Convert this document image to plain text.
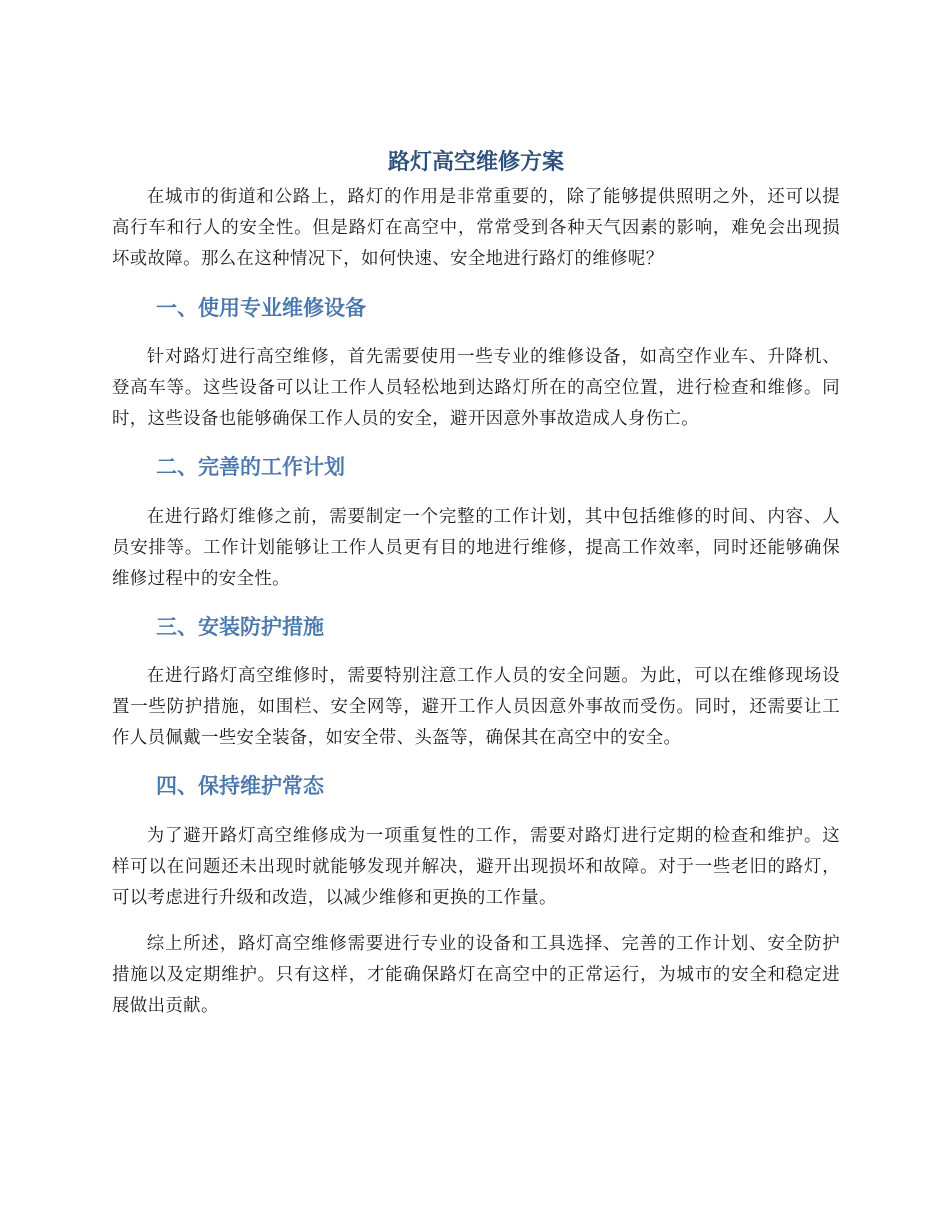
路灯高空维修方案

在城市的街道和公路上，路灯的作用是非常重要的，除了能够提供照明之外，还可以提高行车和行人的安全性。但是路灯在高空中，常常受到各种天气因素的影响，难免会出现损坏或故障。那么在这种情况下，如何快速、安全地进行路灯的维修呢？

一、使用专业维修设备

针对路灯进行高空维修，首先需要使用一些专业的维修设备，如高空作业车、升降机、登高车等。这些设备可以让工作人员轻松地到达路灯所在的高空位置，进行检查和维修。同时，这些设备也能够确保工作人员的安全，避开因意外事故造成人身伤亡。

二、完善的工作计划

在进行路灯维修之前，需要制定一个完整的工作计划，其中包括维修的时间、内容、人员安排等。工作计划能够让工作人员更有目的地进行维修，提高工作效率，同时还能够确保维修过程中的安全性。

三、安装防护措施

在进行路灯高空维修时，需要特别注意工作人员的安全问题。为此，可以在维修现场设置一些防护措施，如围栏、安全网等，避开工作人员因意外事故而受伤。同时，还需要让工作人员佩戴一些安全装备，如安全带、头盔等，确保其在高空中的安全。

四、保持维护常态

为了避开路灯高空维修成为一项重复性的工作，需要对路灯进行定期的检查和维护。这样可以在问题还未出现时就能够发现并解决，避开出现损坏和故障。对于一些老旧的路灯，可以考虑进行升级和改造，以减少维修和更换的工作量。

综上所述，路灯高空维修需要进行专业的设备和工具选择、完善的工作计划、安全防护措施以及定期维护。只有这样，才能确保路灯在高空中的正常运行，为城市的安全和稳定进展做出贡献。
